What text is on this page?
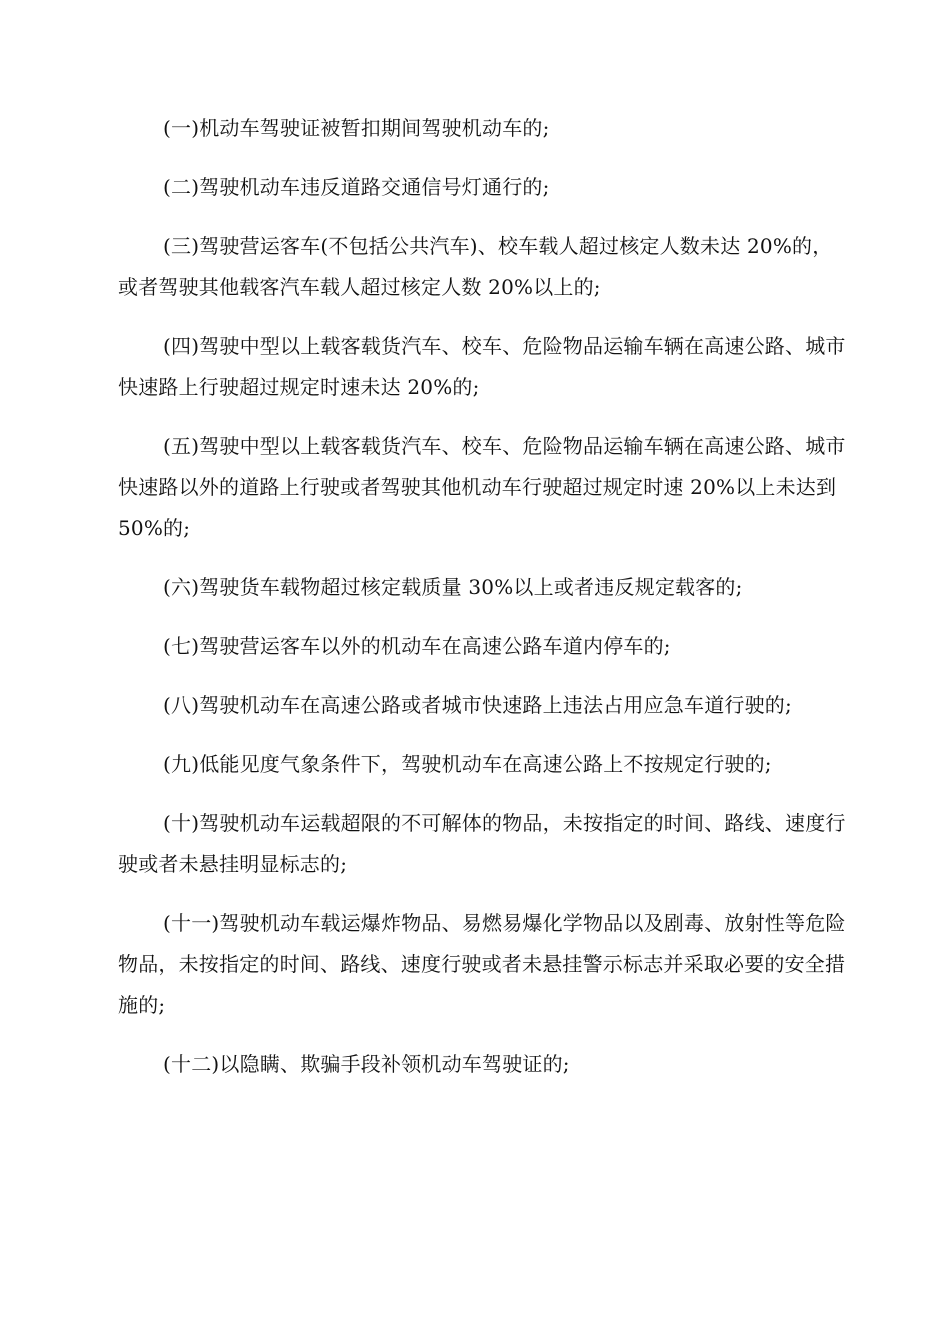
(一)机动车驾驶证被暂扣期间驾驶机动车的;

(二)驾驶机动车违反道路交通信号灯通行的;

(三)驾驶营运客车(不包括公共汽车)、校车载人超过核定人数未达 20%的，或者驾驶其他载客汽车载人超过核定人数 20%以上的;

(四)驾驶中型以上载客载货汽车、校车、危险物品运输车辆在高速公路、城市快速路上行驶超过规定时速未达 20%的;

(五)驾驶中型以上载客载货汽车、校车、危险物品运输车辆在高速公路、城市快速路以外的道路上行驶或者驾驶其他机动车行驶超过规定时速 20%以上未达到 50%的;

(六)驾驶货车载物超过核定载质量 30%以上或者违反规定载客的;

(七)驾驶营运客车以外的机动车在高速公路车道内停车的;

(八)驾驶机动车在高速公路或者城市快速路上违法占用应急车道行驶的;

(九)低能见度气象条件下，驾驶机动车在高速公路上不按规定行驶的;

(十)驾驶机动车运载超限的不可解体的物品，未按指定的时间、路线、速度行驶或者未悬挂明显标志的;

(十一)驾驶机动车载运爆炸物品、易燃易爆化学物品以及剧毒、放射性等危险物品，未按指定的时间、路线、速度行驶或者未悬挂警示标志并采取必要的安全措施的;

(十二)以隐瞒、欺骗手段补领机动车驾驶证的;
